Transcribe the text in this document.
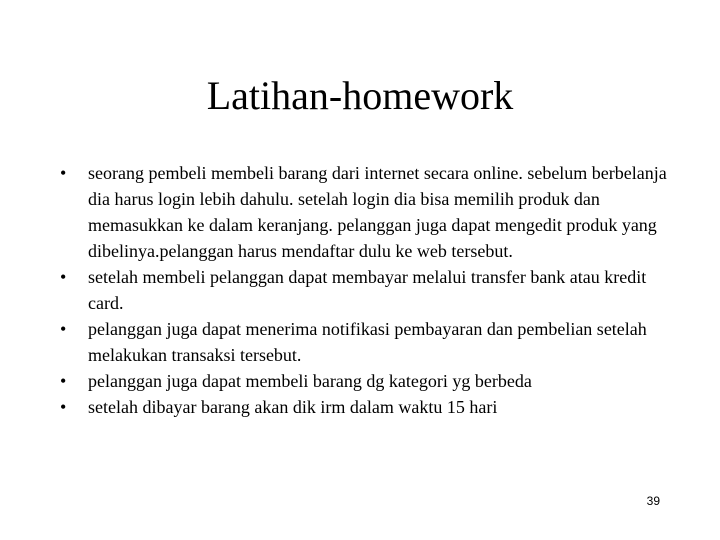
Latihan-homework
• seorang pembeli membeli barang dari internet secara online. sebelum berbelanja dia harus login lebih dahulu. setelah login dia bisa memilih produk dan memasukkan ke dalam keranjang. pelanggan juga dapat mengedit produk yang dibelinya.pelanggan harus mendaftar dulu ke web tersebut.
• setelah membeli pelanggan dapat membayar melalui transfer bank atau kredit card.
• pelanggan juga dapat menerima notifikasi pembayaran dan pembelian setelah melakukan transaksi tersebut.
• pelanggan juga dapat membeli barang dg kategori yg berbeda
• setelah dibayar barang akan dik irm dalam waktu 15 hari
39
